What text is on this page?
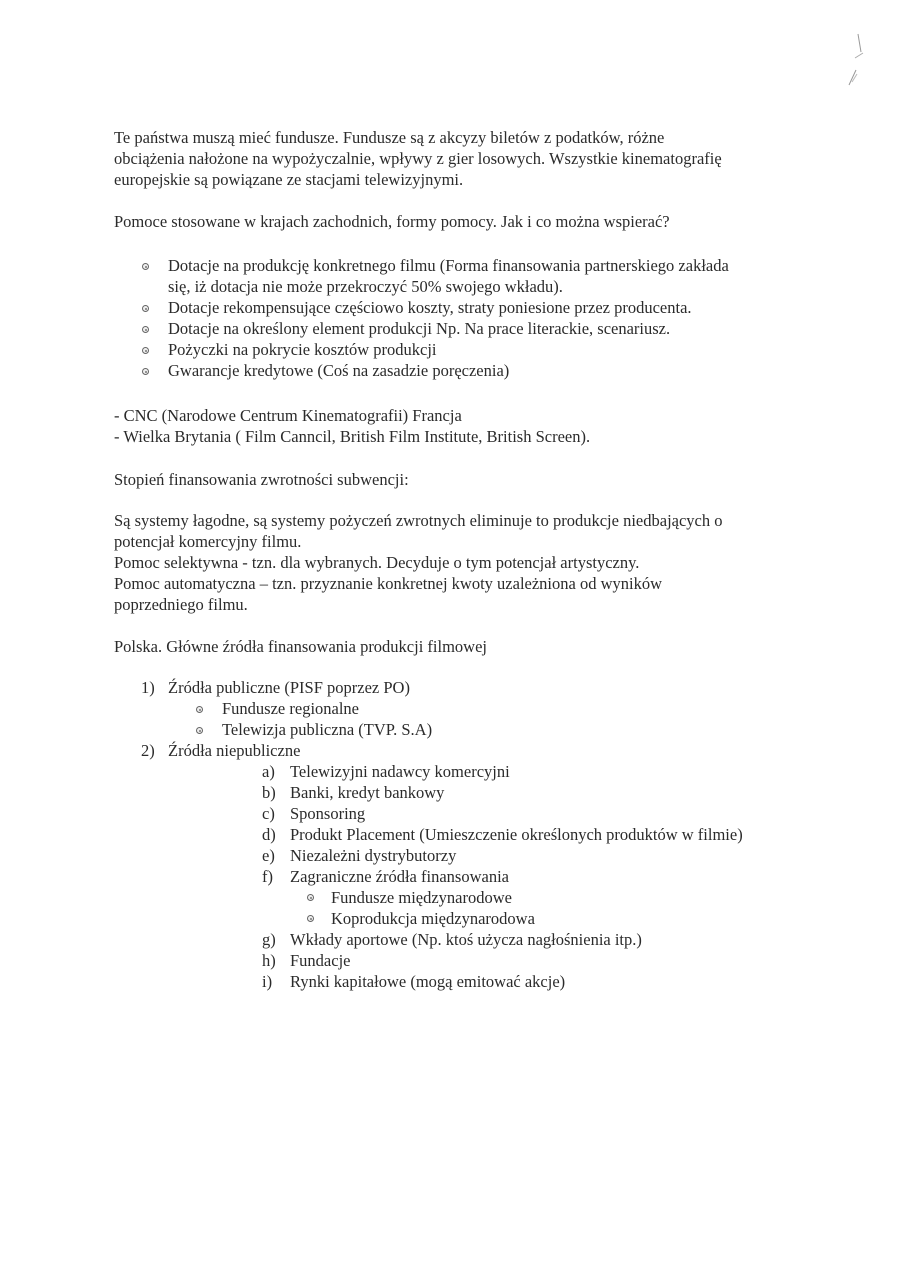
Te państwa muszą mieć fundusze. Fundusze są z akcyzy biletów z podatków, różne
obciążenia nałożone na wypożyczalnie, wpływy z gier losowych. Wszystkie kinematografię
europejskie są powiązane ze stacjami telewizyjnymi.
Pomoce stosowane w krajach zachodnich, formy pomocy. Jak i co można wspierać?
Dotacje na produkcję konkretnego filmu (Forma finansowania partnerskiego zakłada
się, iż dotacja nie może przekroczyć 50% swojego wkładu).
Dotacje rekompensujące częściowo koszty, straty poniesione przez producenta.
Dotacje na określony element produkcji Np. Na prace literackie, scenariusz.
Pożyczki na pokrycie kosztów produkcji
Gwarancje kredytowe (Coś na zasadzie poręczenia)
- CNC (Narodowe Centrum Kinematografii) Francja
- Wielka Brytania ( Film Canncil, British Film Institute, British Screen).
Stopień finansowania zwrotności subwencji:
Są systemy łagodne, są systemy pożyczeń zwrotnych eliminuje to produkcje niedbających o
potencjał komercyjny filmu.
Pomoc selektywna - tzn. dla wybranych. Decyduje o tym potencjał artystyczny.
Pomoc automatyczna – tzn. przyznanie konkretnej kwoty uzależniona od wyników
poprzedniego filmu.
Polska. Główne źródła finansowania produkcji filmowej
1) Źródła publiczne (PISF poprzez PO)
Fundusze regionalne
Telewizja publiczna (TVP. S.A)
2) Źródła niepubliczne
a) Telewizyjni nadawcy komercyjni
b) Banki, kredyt bankowy
c) Sponsoring
d) Produkt Placement (Umieszczenie określonych produktów w filmie)
e) Niezależni dystrybutorzy
f) Zagraniczne źródła finansowania
Fundusze międzynarodowe
Koprodukcja międzynarodowa
g) Wkłady aportowe (Np. ktoś użycza nagłośnienia itp.)
h) Fundacje
i) Rynki kapitałowe (mogą emitować akcje)
